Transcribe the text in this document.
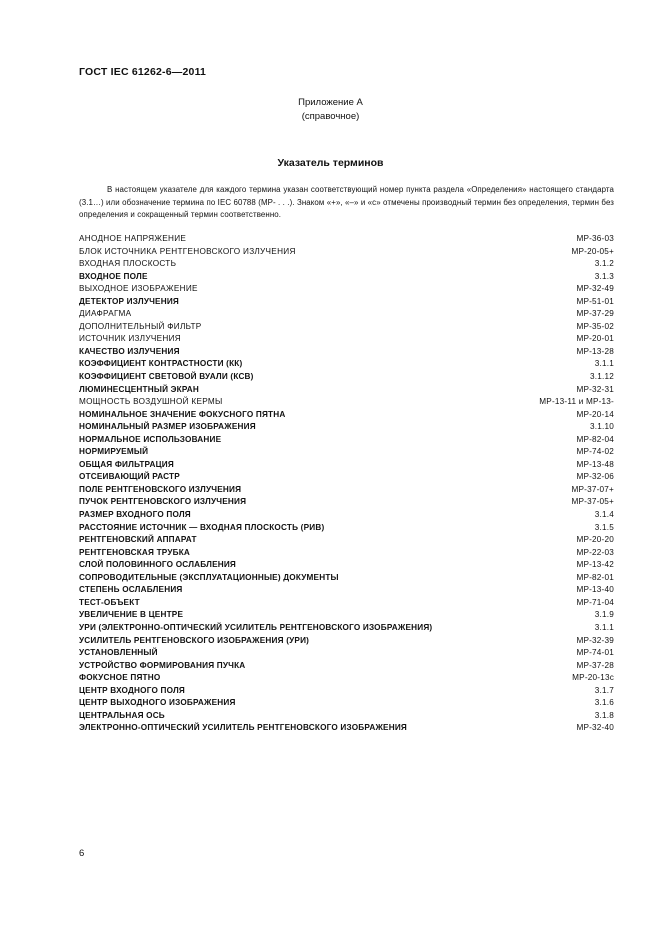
ГОСТ IEC 61262-6—2011
Приложение А
(справочное)
Указатель терминов

В настоящем указателе для каждого термина указан соответствующий номер пункта раздела «Определения» настоящего стандарта (3.1…) или обозначение термина по IEC 60788 (МР- . . .). Знаком «+», «–» и «с» отмечены производный термин без определения, термин без определения и сокращенный термин соответственно.

АНОДНОЕ НАПРЯЖЕНИЕ	МР-36-03
БЛОК ИСТОЧНИКА РЕНТГЕНОВСКОГО ИЗЛУЧЕНИЯ	МР-20-05+
ВХОДНАЯ ПЛОСКОСТЬ	3.1.2
ВХОДНОЕ ПОЛЕ	3.1.3
ВЫХОДНОЕ ИЗОБРАЖЕНИЕ	МР-32-49
ДЕТЕКТОР ИЗЛУЧЕНИЯ	МР-51-01
ДИАФРАГМА	МР-37-29
ДОПОЛНИТЕЛЬНЫЙ ФИЛЬТР	МР-35-02
ИСТОЧНИК ИЗЛУЧЕНИЯ	МР-20-01
КАЧЕСТВО ИЗЛУЧЕНИЯ	МР-13-28
КОЭФФИЦИЕНТ КОНТРАСТНОСТИ (КК)	3.1.1
КОЭФФИЦИЕНТ СВЕТОВОЙ ВУАЛИ (КСВ)	3.1.12
ЛЮМИНЕСЦЕНТНЫЙ ЭКРАН	МР-32-31
МОЩНОСТЬ ВОЗДУШНОЙ КЕРМЫ	МР-13-11 и МР-13-
НОМИНАЛЬНОЕ ЗНАЧЕНИЕ ФОКУСНОГО ПЯТНА	МР-20-14
НОМИНАЛЬНЫЙ РАЗМЕР ИЗОБРАЖЕНИЯ	3.1.10
НОРМАЛЬНОЕ ИСПОЛЬЗОВАНИЕ	МР-82-04
НОРМИРУЕМЫЙ	МР-74-02
ОБЩАЯ ФИЛЬТРАЦИЯ	МР-13-48
ОТСЕИВАЮЩИЙ РАСТР	МР-32-06
ПОЛЕ РЕНТГЕНОВСКОГО ИЗЛУЧЕНИЯ	МР-37-07+
ПУЧОК РЕНТГЕНОВСКОГО ИЗЛУЧЕНИЯ	МР-37-05+
РАЗМЕР ВХОДНОГО ПОЛЯ	3.1.4
РАССТОЯНИЕ ИСТОЧНИК — ВХОДНАЯ ПЛОСКОСТЬ (РИВ)	3.1.5
РЕНТГЕНОВСКИЙ АППАРАТ	МР-20-20
РЕНТГЕНОВСКАЯ ТРУБКА	МР-22-03
СЛОЙ ПОЛОВИННОГО ОСЛАБЛЕНИЯ	МР-13-42
СОПРОВОДИТЕЛЬНЫЕ (ЭКСПЛУАТАЦИОННЫЕ) ДОКУМЕНТЫ	МР-82-01
СТЕПЕНЬ ОСЛАБЛЕНИЯ	МР-13-40
ТЕСТ-ОБЪЕКТ	МР-71-04
УВЕЛИЧЕНИЕ В ЦЕНТРЕ	3.1.9
УРИ (ЭЛЕКТРОННО-ОПТИЧЕСКИЙ УСИЛИТЕЛЬ РЕНТГЕНОВСКОГО ИЗОБРАЖЕНИЯ)	3.1.1
УСИЛИТЕЛЬ РЕНТГЕНОВСКОГО ИЗОБРАЖЕНИЯ (УРИ)	МР-32-39
УСТАНОВЛЕННЫЙ	МР-74-01
УСТРОЙСТВО ФОРМИРОВАНИЯ ПУЧКА	МР-37-28
ФОКУСНОЕ ПЯТНО	МР-20-13с
ЦЕНТР ВХОДНОГО ПОЛЯ	3.1.7
ЦЕНТР ВЫХОДНОГО ИЗОБРАЖЕНИЯ	3.1.6
ЦЕНТРАЛЬНАЯ ОСЬ	3.1.8
ЭЛЕКТРОННО-ОПТИЧЕСКИЙ УСИЛИТЕЛЬ РЕНТГЕНОВСКОГО ИЗОБРАЖЕНИЯ	МР-32-40
6
